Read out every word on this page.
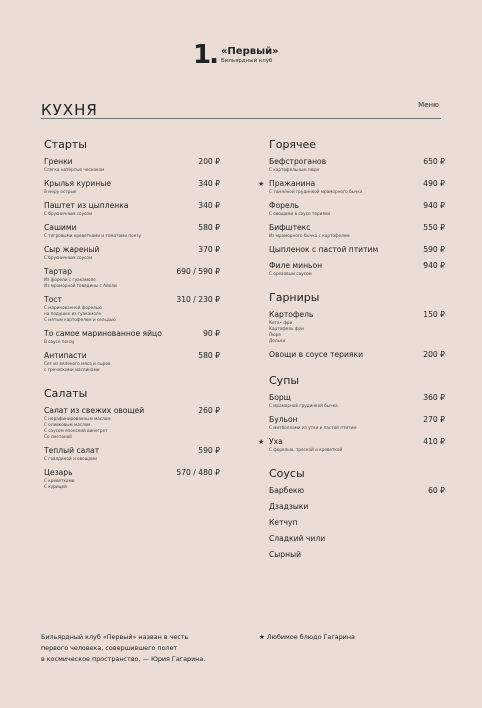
1. «Первый»
Бильярдный клуб
КУХНЯ	Меню
Старты
Гренки	200 ₽
Слегка натёртые чесноком
Крылья куриные	340 ₽
В меру острые
Паштет из цыпленка	340 ₽
С брусничным соусом
Сашими	580 ₽
С тигровыми креветками и томатами понзу
Сыр жареный	370 ₽
С брусничным соусом
Тартар	690 / 590 ₽
Из форели с гуакамоле
Из мраморной говядины с Айоли
Тост	310 / 230 ₽
С маринованной форелью
на подушке из гуакамоле
С мятым картофелем и сельдью
То самое маринованное яйцо	90 ₽
В соусе понзу
Антипасти	580 ₽
Сет из вяленого мяса и сыров
с греческими маслинами
Салаты
Салат из свежих овощей	260 ₽
С нерафинированным маслом
С оливковым маслом
С соусом японский винегрет
Со сметаной
Теплый салат	590 ₽
С говядиной и овощами
Цезарь	570 / 480 ₽
С креветками
С курицей
Горячее
Бефстроганов	650 ₽
С картофельным пюре
★ Пражанина	490 ₽
С томлёной грудинкой мраморного бычка
Форель	940 ₽
С овощами в соусе терияки
Бифштекс	550 ₽
Из мраморного бычка с картофелем
Цыпленок с пастой птитим	590 ₽
Филе миньон	940 ₽
С ореховым соусом
Гарниры
Картофель	150 ₽
Кета• фри
Картофель фри
Пюре
Дольки
Овощи в соусе терияки	200 ₽
Супы
Борщ	360 ₽
С мраморной грудинкой бычка
Бульон	270 ₽
С митболлами из утки и пастой птитим
★ Уха	410 ₽
С форелью, треской и креветкой
Соусы
Барбекю	60 ₽
Дзадзыки
Кетчуп
Сладкий чили
Сырный
Бильярдный клуб «Первый» назван в честь
первого человека, совершившего полет
в космическое пространство, — Юрия Гагарина.
★ Любимое блюдо Гагарина
